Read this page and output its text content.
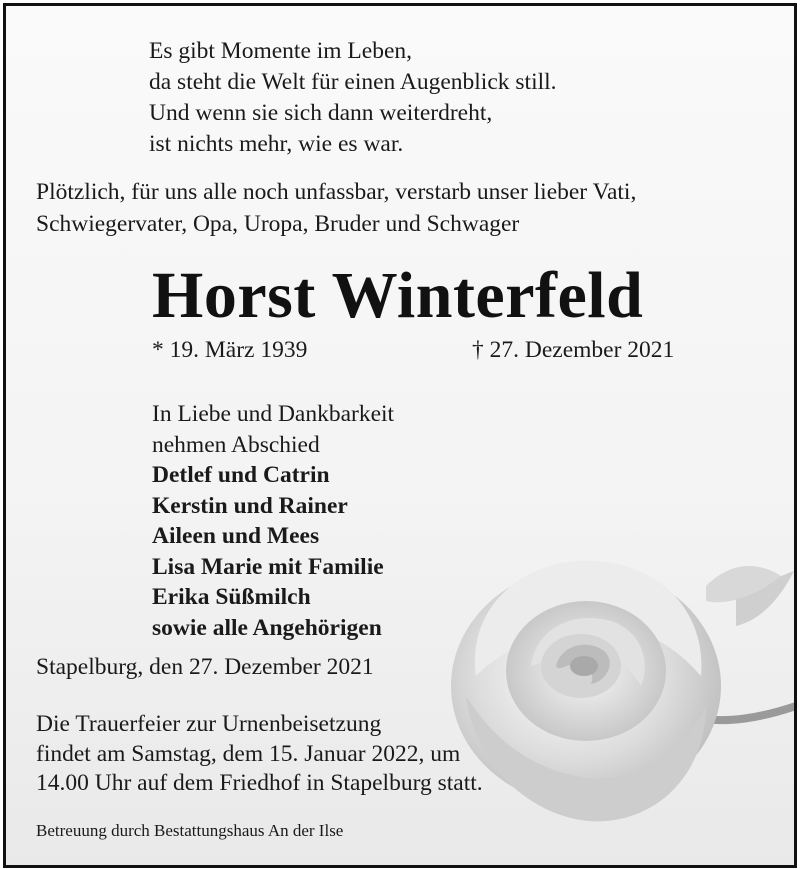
Es gibt Momente im Leben,
da steht die Welt für einen Augenblick still.
Und wenn sie sich dann weiterdreht,
ist nichts mehr, wie es war.
Plötzlich, für uns alle noch unfassbar, verstarb unser lieber Vati,
Schwiegervater, Opa, Uropa, Bruder und Schwager
Horst Winterfeld
* 19. März 1939	† 27. Dezember 2021
In Liebe und Dankbarkeit
nehmen Abschied
Detlef und Catrin
Kerstin und Rainer
Aileen und Mees
Lisa Marie mit Familie
Erika Süßmilch
sowie alle Angehörigen
Stapelburg, den 27. Dezember 2021
Die Trauerfeier zur Urnenbeisetzung
findet am Samstag, dem 15. Januar 2022, um
14.00 Uhr auf dem Friedhof in Stapelburg statt.
Betreuung durch Bestattungshaus An der Ilse
